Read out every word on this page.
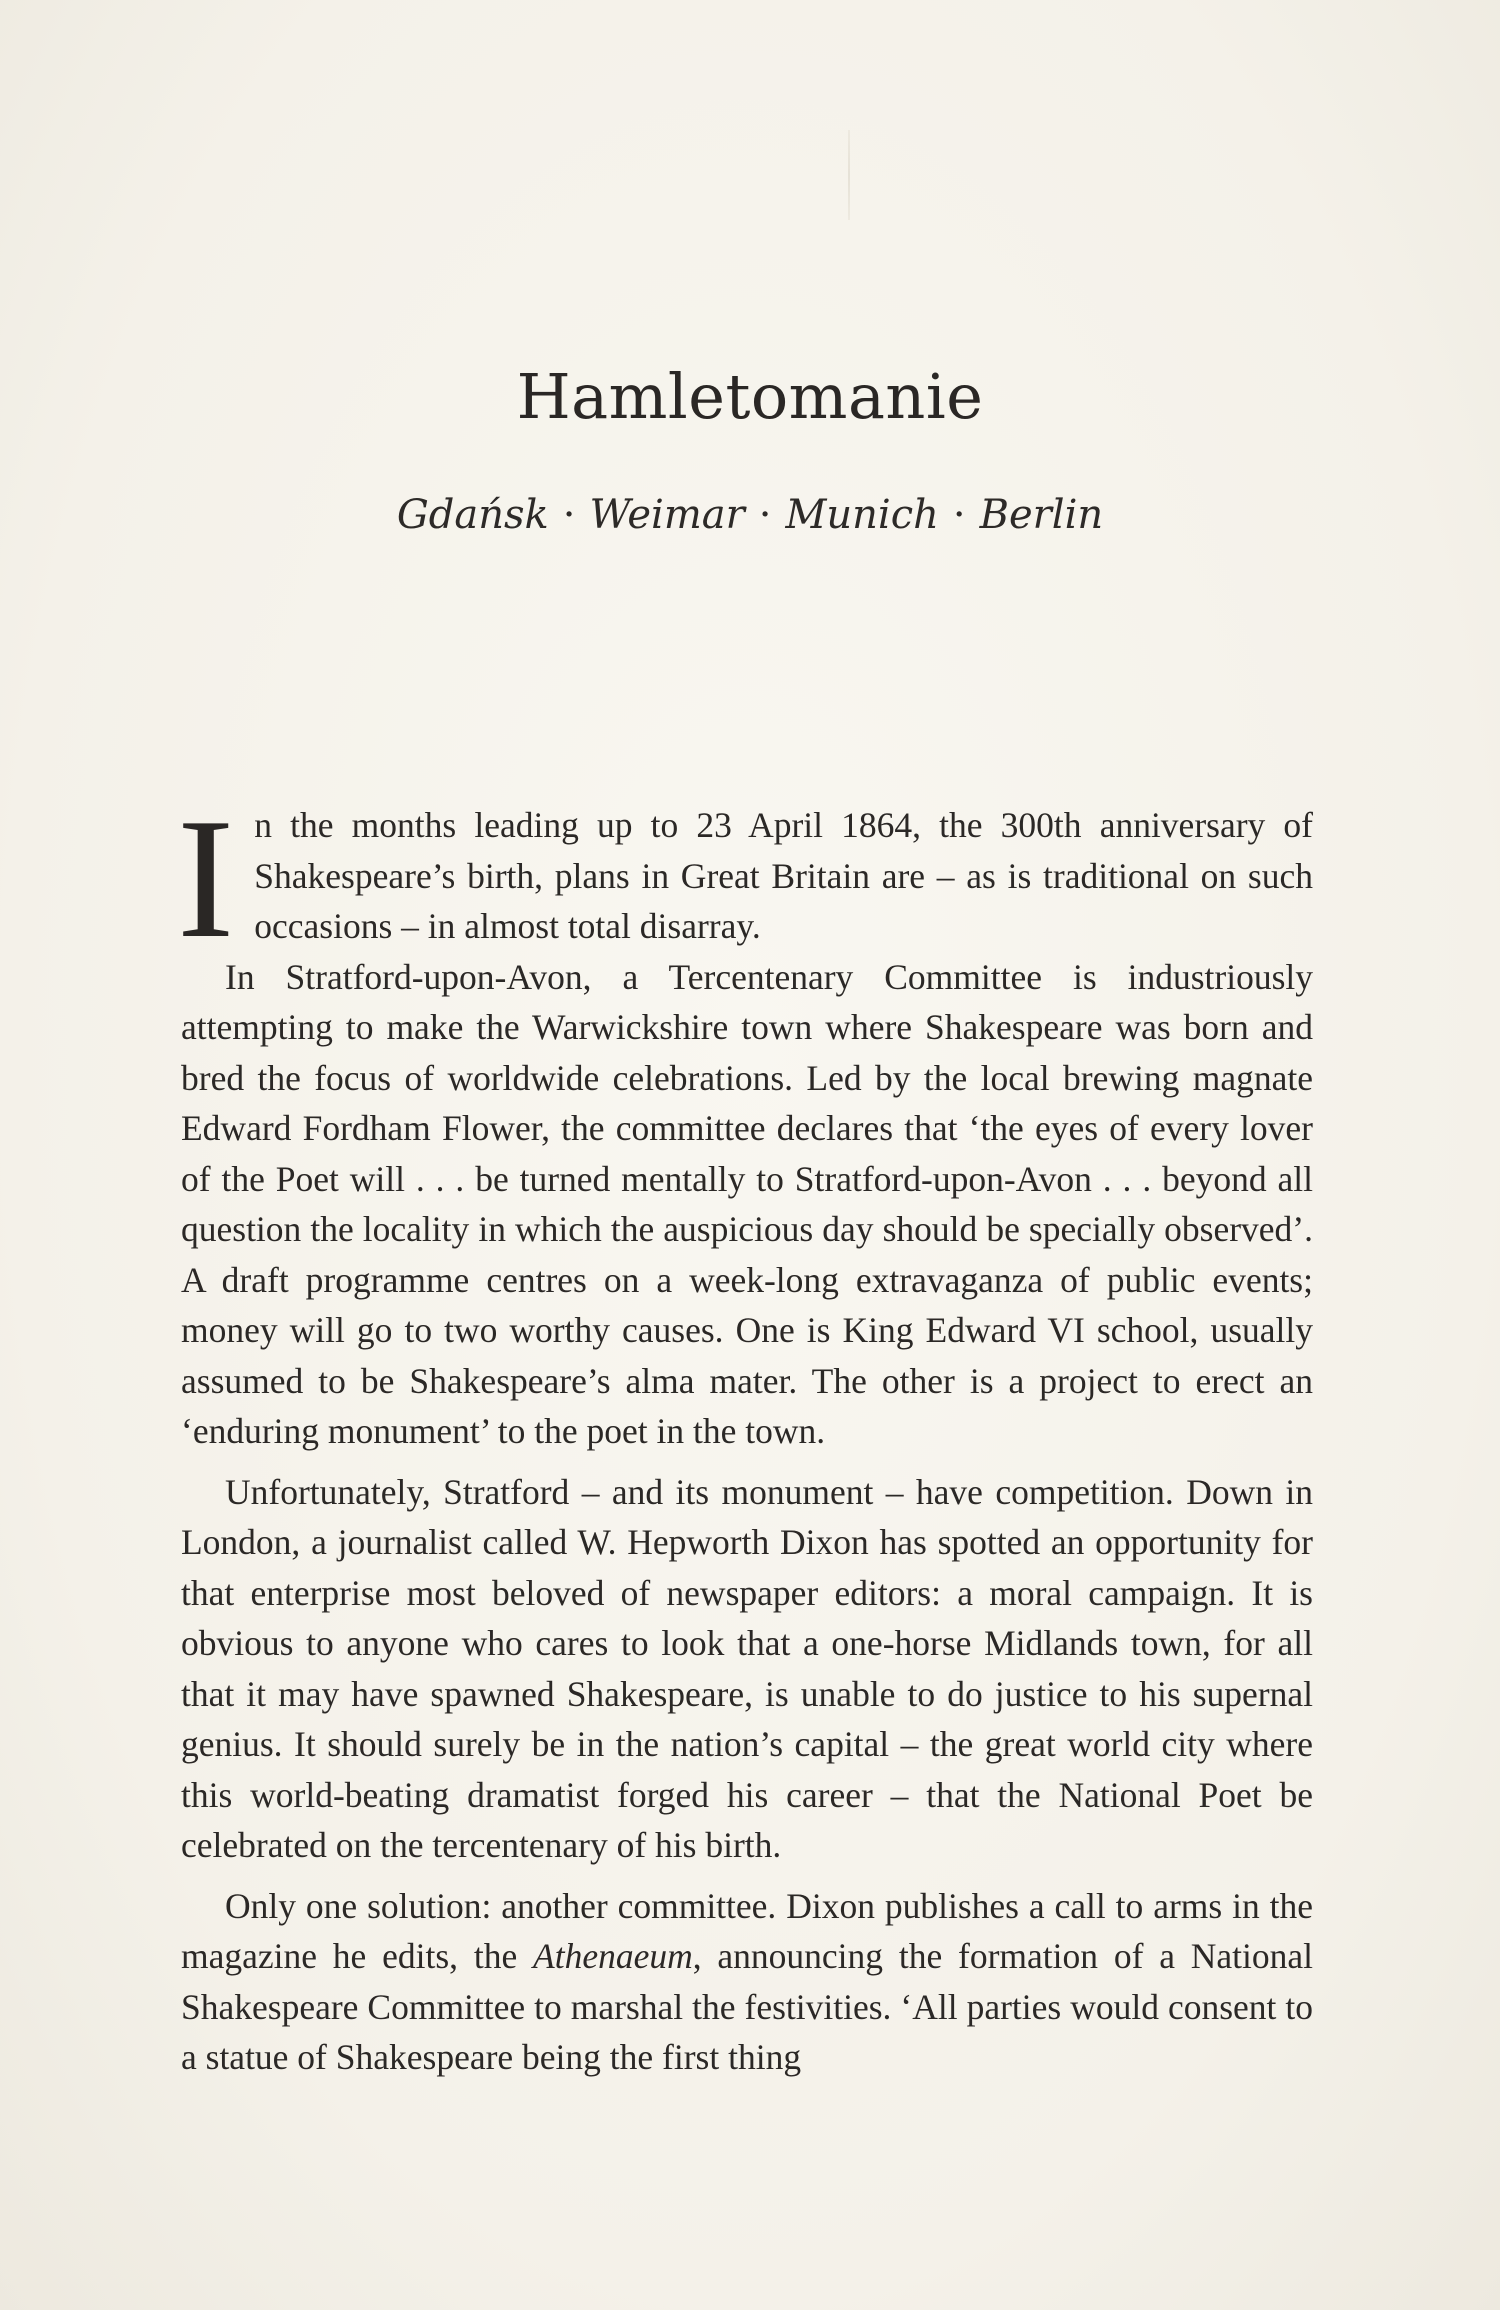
Hamletomanie

Gdańsk · Weimar · Munich · Berlin

In the months leading up to 23 April 1864, the 300th anniversary of Shakespeare’s birth, plans in Great Britain are – as is traditional on such occasions – in almost total disarray.

In Stratford-upon-Avon, a Tercentenary Committee is industriously attempting to make the Warwickshire town where Shakespeare was born and bred the focus of worldwide celebrations. Led by the local brewing magnate Edward Fordham Flower, the committee declares that ‘the eyes of every lover of the Poet will . . . be turned mentally to Stratford-upon-Avon . . . beyond all question the locality in which the auspicious day should be specially observed’. A draft programme centres on a week-long extravaganza of public events; money will go to two worthy causes. One is King Edward VI school, usually assumed to be Shakespeare’s alma mater. The other is a project to erect an ‘enduring monument’ to the poet in the town.

Unfortunately, Stratford – and its monument – have competition. Down in London, a journalist called W. Hepworth Dixon has spotted an opportunity for that enterprise most beloved of newspaper editors: a moral campaign. It is obvious to anyone who cares to look that a one-horse Midlands town, for all that it may have spawned Shakespeare, is unable to do justice to his supernal genius. It should surely be in the nation’s capital – the great world city where this world-beating dramatist forged his career – that the National Poet be celebrated on the tercentenary of his birth.

Only one solution: another committee. Dixon publishes a call to arms in the magazine he edits, the Athenaeum, announcing the formation of a National Shakespeare Committee to marshal the festivities. ‘All parties would consent to a statue of Shakespeare being the first thing
